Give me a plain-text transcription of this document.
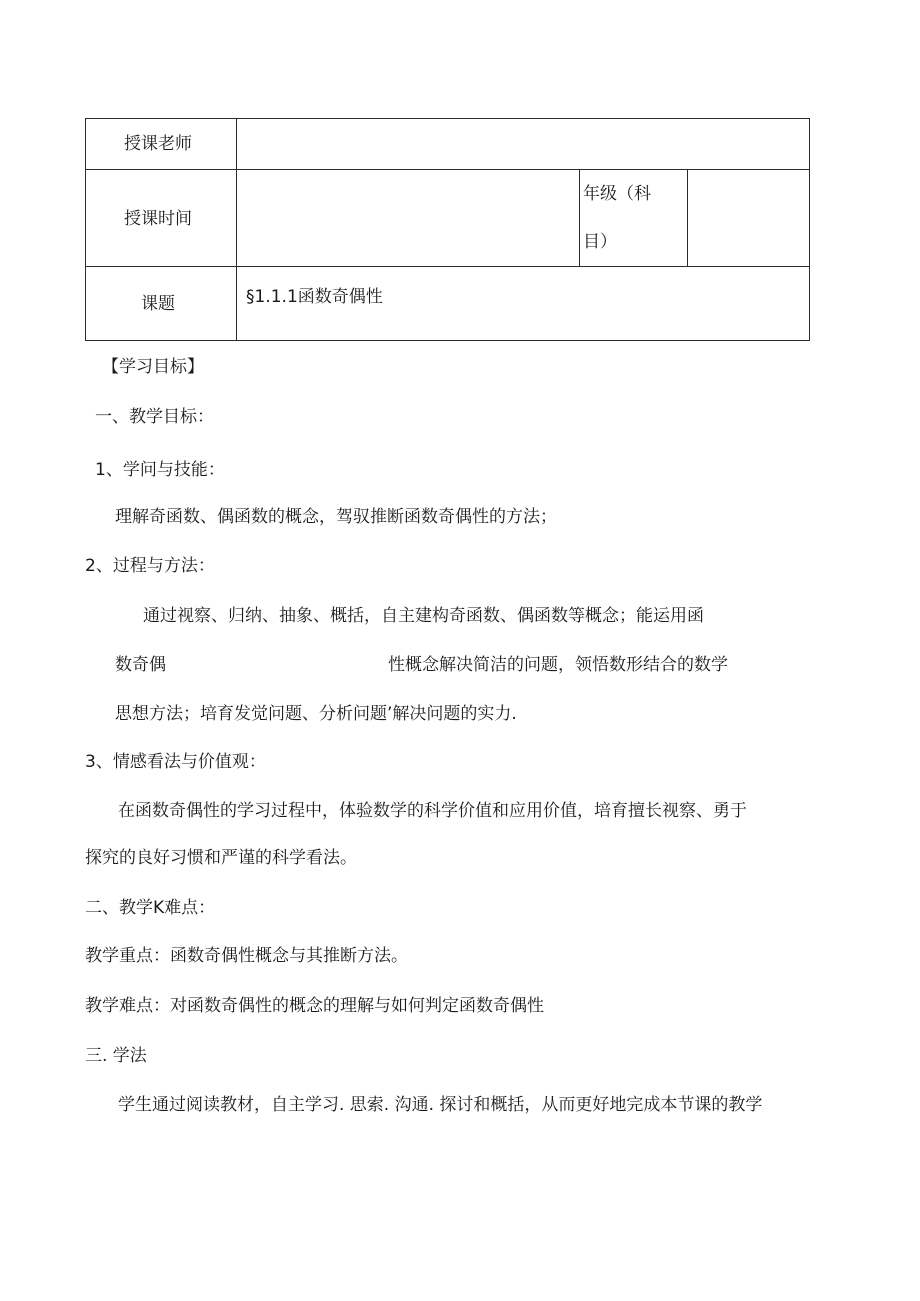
授课老师
授课时间
年级（科
目）
课题	§1.1.1函数奇偶性
【学习目标】
一、教学目标：
1、学问与技能：
理解奇函数、偶函数的概念，驾驭推断函数奇偶性的方法；
2、过程与方法：
通过视察、归纳、抽象、概括，自主建构奇函数、偶函数等概念；能运用函
数奇偶	性概念解决简洁的问题，领悟数形结合的数学
思想方法；培育发觉问题、分析问题’解决问题的实力.
3、情感看法与价值观：
在函数奇偶性的学习过程中，体验数学的科学价值和应用价值，培育擅长视察、勇于
探究的良好习惯和严谨的科学看法。
二、教学K难点：
教学重点：函数奇偶性概念与其推断方法。
教学难点：对函数奇偶性的概念的理解与如何判定函数奇偶性
三. 学法
学生通过阅读教材，自主学习. 思索. 沟通. 探讨和概括，从而更好地完成本节课的教学
